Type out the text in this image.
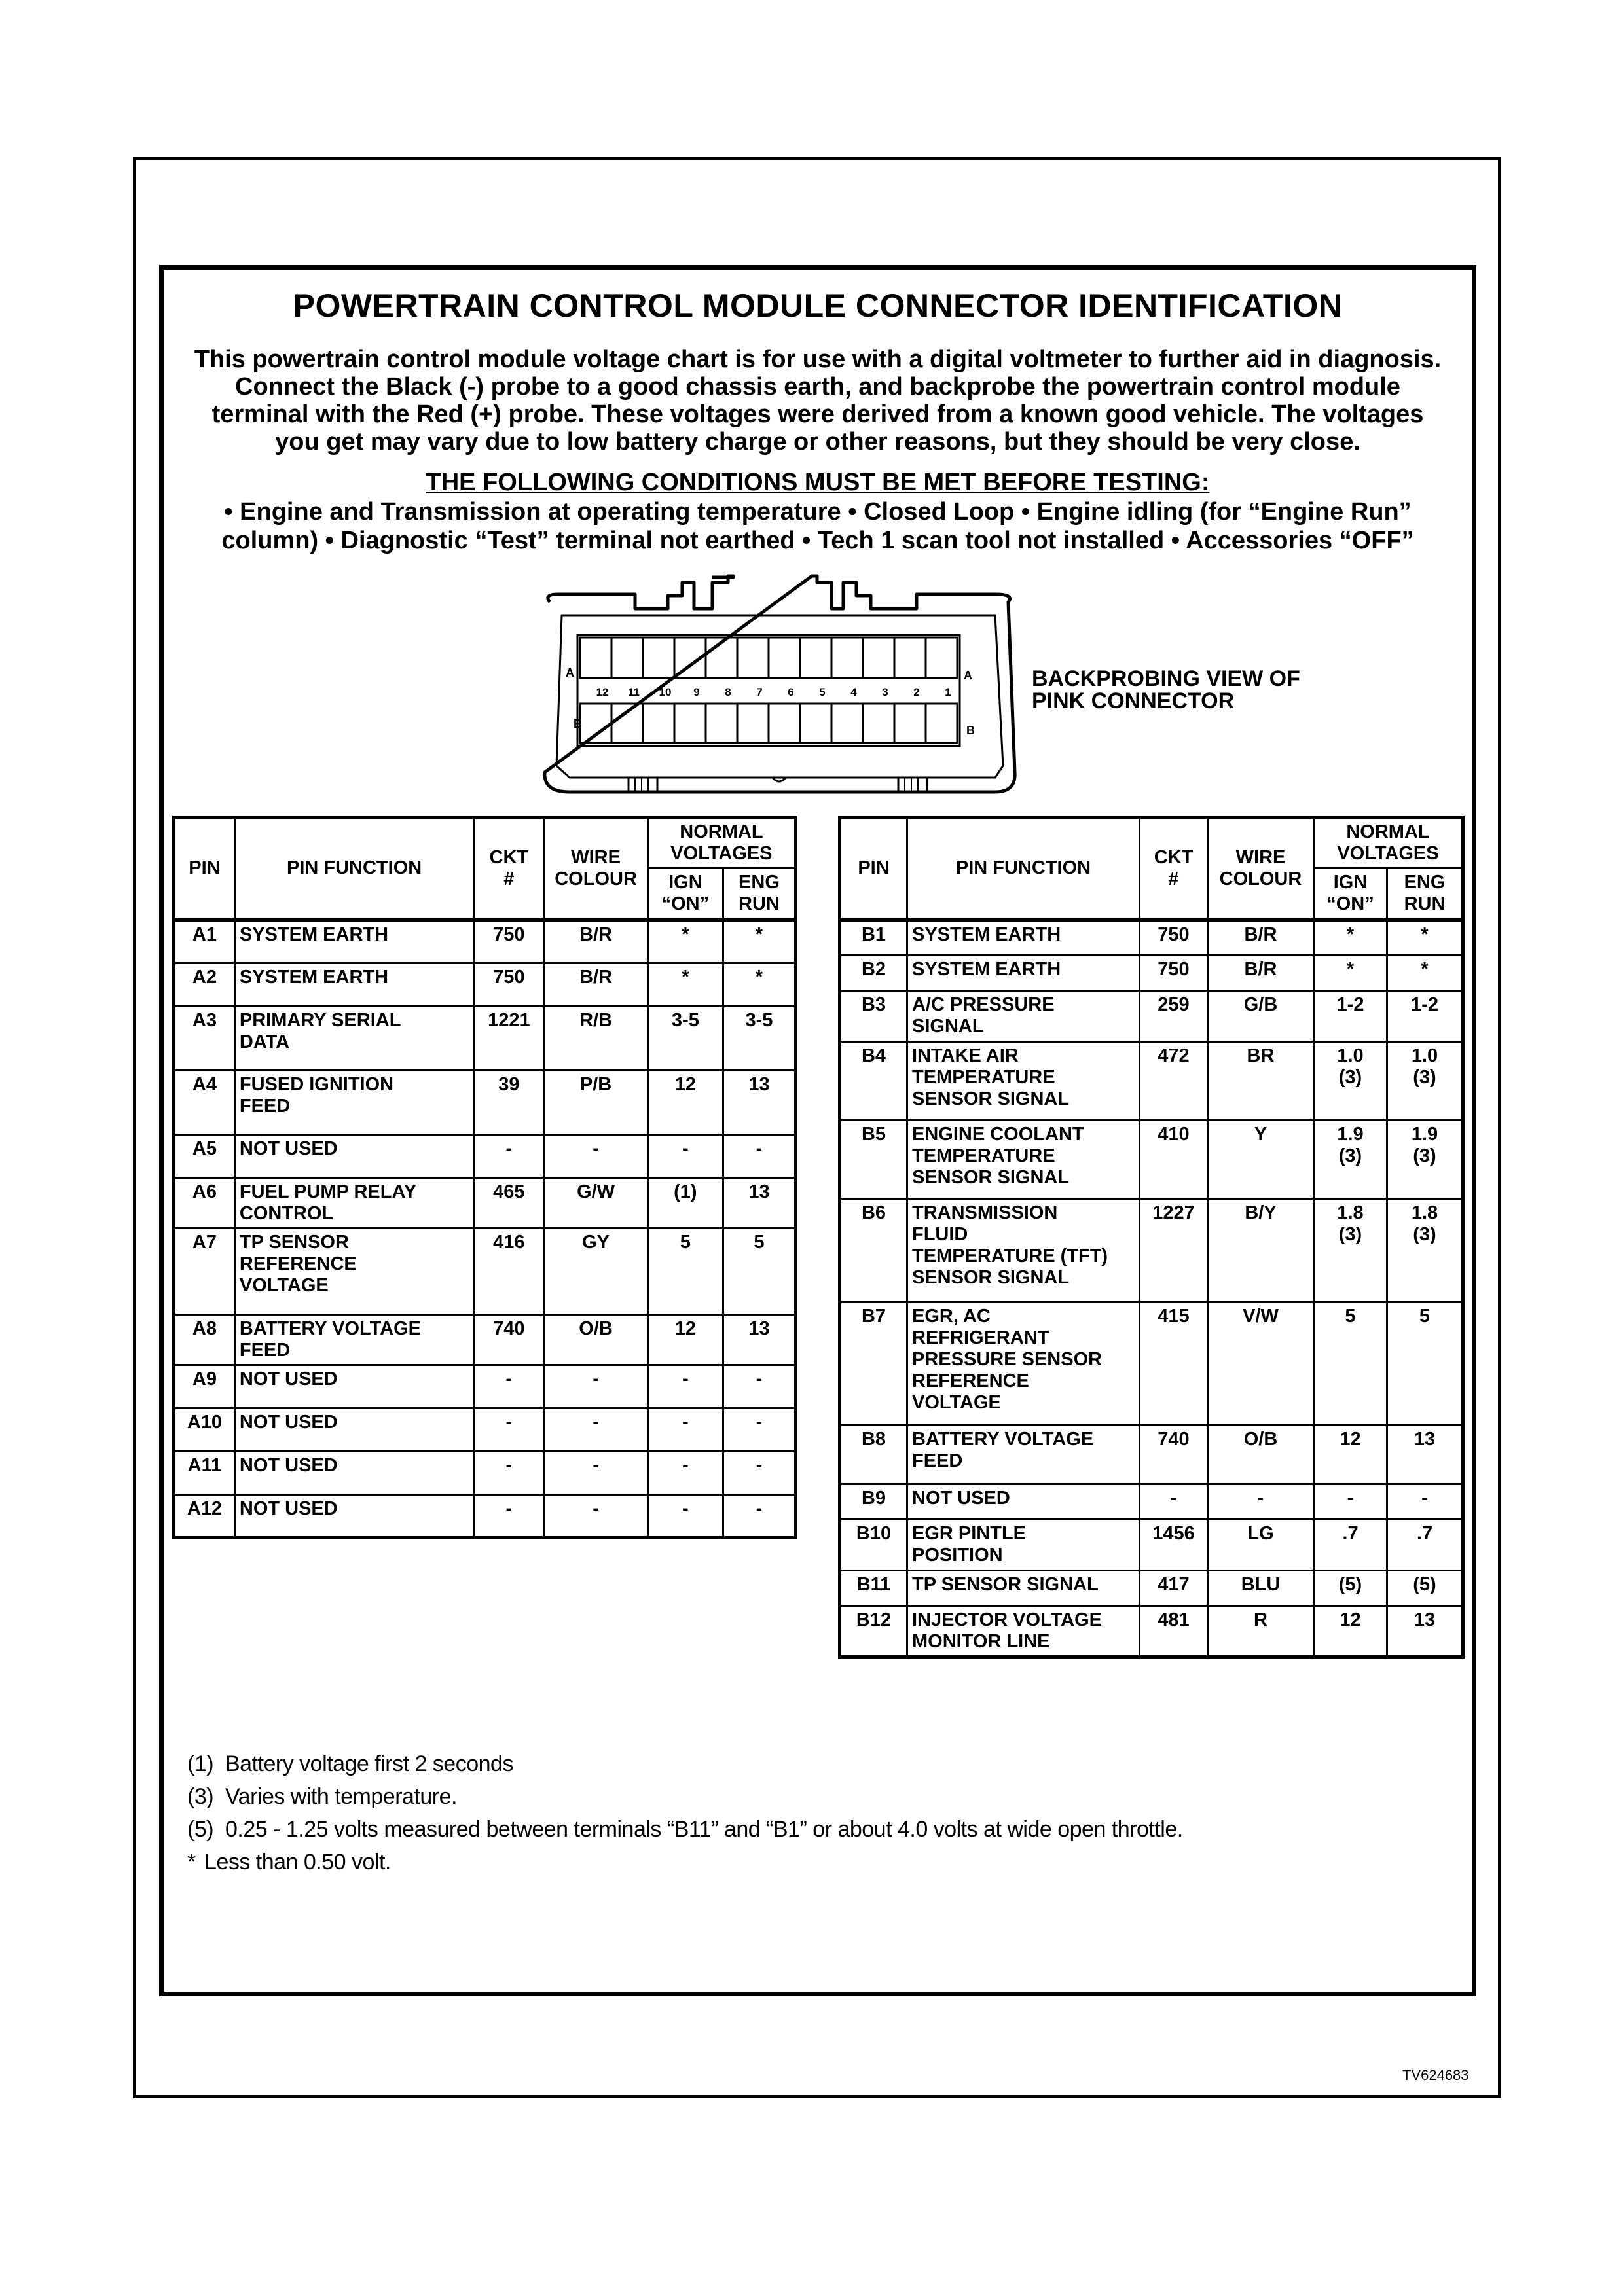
POWERTRAIN CONTROL MODULE CONNECTOR IDENTIFICATION
This powertrain control module voltage chart is for use with a digital voltmeter to further aid in diagnosis.
Connect the Black (-) probe to a good chassis earth, and backprobe the powertrain control module
terminal with the Red (+) probe. These voltages were derived from a known good vehicle. The voltages
you get may vary due to low battery charge or other reasons, but they should be very close.
THE FOLLOWING CONDITIONS MUST BE MET BEFORE TESTING:
• Engine and Transmission at operating temperature • Closed Loop • Engine idling (for “Engine Run”
column) • Diagnostic “Test” terminal not earthed • Tech 1 scan tool not installed • Accessories “OFF”
A
B
A
B
12 11 10 9 8 7 6 5 4 3 2 1
BACKPROBING VIEW OF
PINK CONNECTOR
PIN	PIN FUNCTION	CKT
#	WIRE
COLOUR	NORMAL
VOLTAGES	
				IGN
“ON”	ENG
RUN
A1	SYSTEM EARTH	750	B/R	*	*
A2	SYSTEM EARTH	750	B/R	*	*
A3	PRIMARY SERIAL
DATA	1221	R/B	3-5	3-5
A4	FUSED IGNITION
FEED	39	P/B	12	13
A5	NOT USED	-	-	-	-
A6	FUEL PUMP RELAY
CONTROL	465	G/W	(1)	13
A7	TP SENSOR
REFERENCE
VOLTAGE	416	GY	5	5
A8	BATTERY VOLTAGE
FEED	740	O/B	12	13
A9	NOT USED	-	-	-	-
A10	NOT USED	-	-	-	-
A11	NOT USED	-	-	-	-
A12	NOT USED	-	-	-	-
PIN	PIN FUNCTION	CKT
#	WIRE
COLOUR	NORMAL
VOLTAGES	
				IGN
“ON”	ENG
RUN
B1	SYSTEM EARTH	750	B/R	*	*
B2	SYSTEM EARTH	750	B/R	*	*
B3	A/C PRESSURE
SIGNAL	259	G/B	1-2	1-2
B4	INTAKE AIR
TEMPERATURE
SENSOR SIGNAL	472	BR	1.0
(3)	1.0
(3)
B5	ENGINE COOLANT
TEMPERATURE
SENSOR SIGNAL	410	Y	1.9
(3)	1.9
(3)
B6	TRANSMISSION
FLUID
TEMPERATURE (TFT)
SENSOR SIGNAL	1227	B/Y	1.8
(3)	1.8
(3)
B7	EGR, AC
REFRIGERANT
PRESSURE SENSOR
REFERENCE
VOLTAGE	415	V/W	5	5
B8	BATTERY VOLTAGE
FEED	740	O/B	12	13
B9	NOT USED	-	-	-	-
B10	EGR PINTLE
POSITION	1456	LG	.7	.7
B11	TP SENSOR SIGNAL	417	BLU	(5)	(5)
B12	INJECTOR VOLTAGE
MONITOR LINE	481	R	12	13
(1) Battery voltage first 2 seconds
(3) Varies with temperature.
(5) 0.25 - 1.25 volts measured between terminals “B11” and “B1” or about 4.0 volts at wide open throttle.
* Less than 0.50 volt.
TV624683
